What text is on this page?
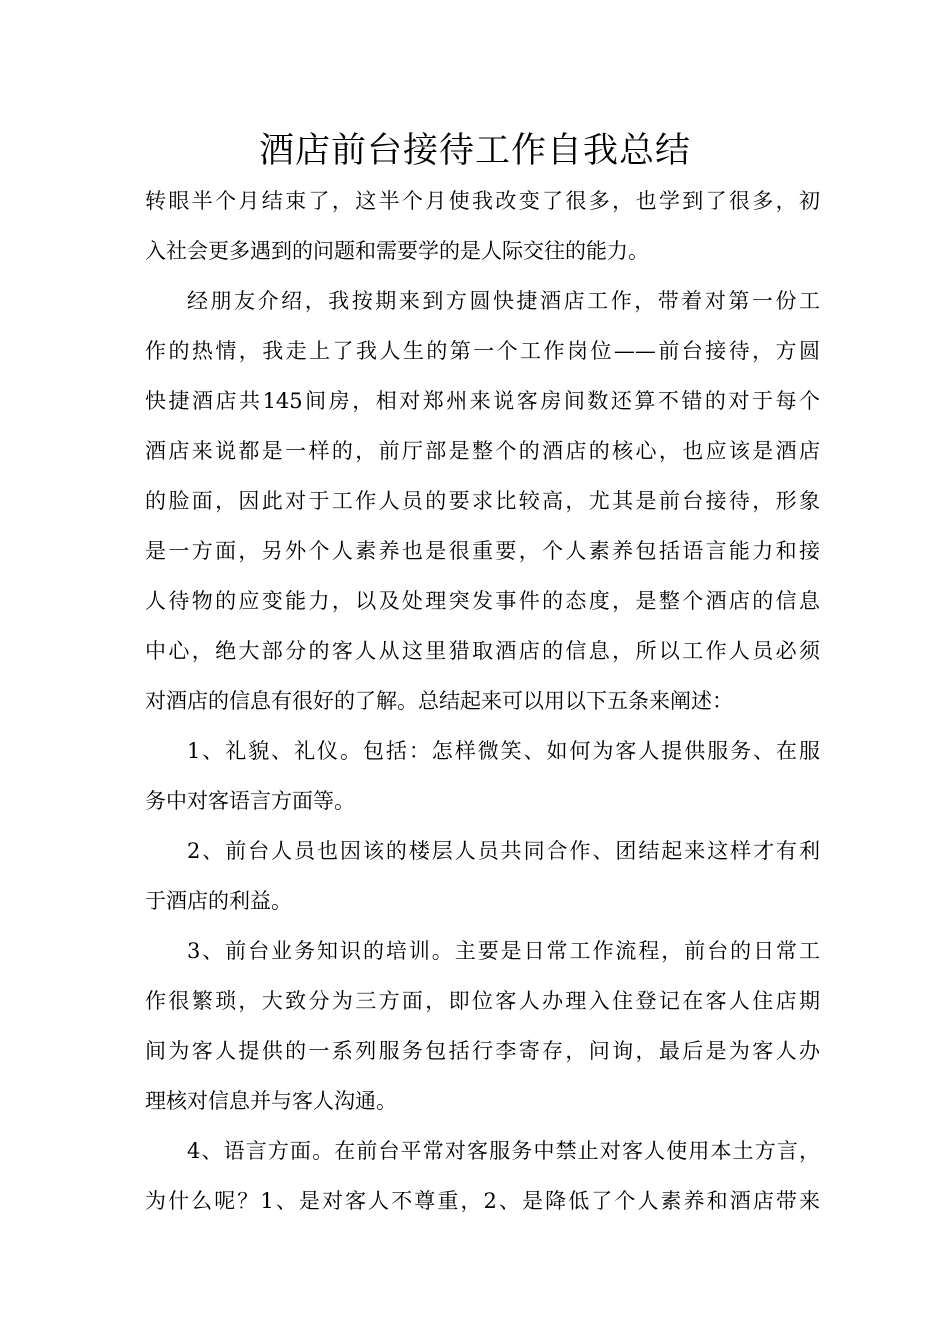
酒店前台接待工作自我总结
转眼半个月结束了，这半个月使我改变了很多，也学到了很多，初
入社会更多遇到的问题和需要学的是人际交往的能力。
经朋友介绍，我按期来到方圆快捷酒店工作，带着对第一份工
作的热情，我走上了我人生的第一个工作岗位——前台接待，方圆
快捷酒店共145间房，相对郑州来说客房间数还算不错的对于每个
酒店来说都是一样的，前厅部是整个的酒店的核心，也应该是酒店
的脸面，因此对于工作人员的要求比较高，尤其是前台接待，形象
是一方面，另外个人素养也是很重要，个人素养包括语言能力和接
人待物的应变能力，以及处理突发事件的态度，是整个酒店的信息
中心，绝大部分的客人从这里猎取酒店的信息，所以工作人员必须
对酒店的信息有很好的了解。总结起来可以用以下五条来阐述：
1、礼貌、礼仪。包括：怎样微笑、如何为客人提供服务、在服
务中对客语言方面等。
2、前台人员也因该的楼层人员共同合作、团结起来这样才有利
于酒店的利益。
3、前台业务知识的培训。主要是日常工作流程，前台的日常工
作很繁琐，大致分为三方面，即位客人办理入住登记在客人住店期
间为客人提供的一系列服务包括行李寄存，问询，最后是为客人办
理核对信息并与客人沟通。
4、语言方面。在前台平常对客服务中禁止对客人使用本土方言，
为什么呢？1、是对客人不尊重，2、是降低了个人素养和酒店带来
